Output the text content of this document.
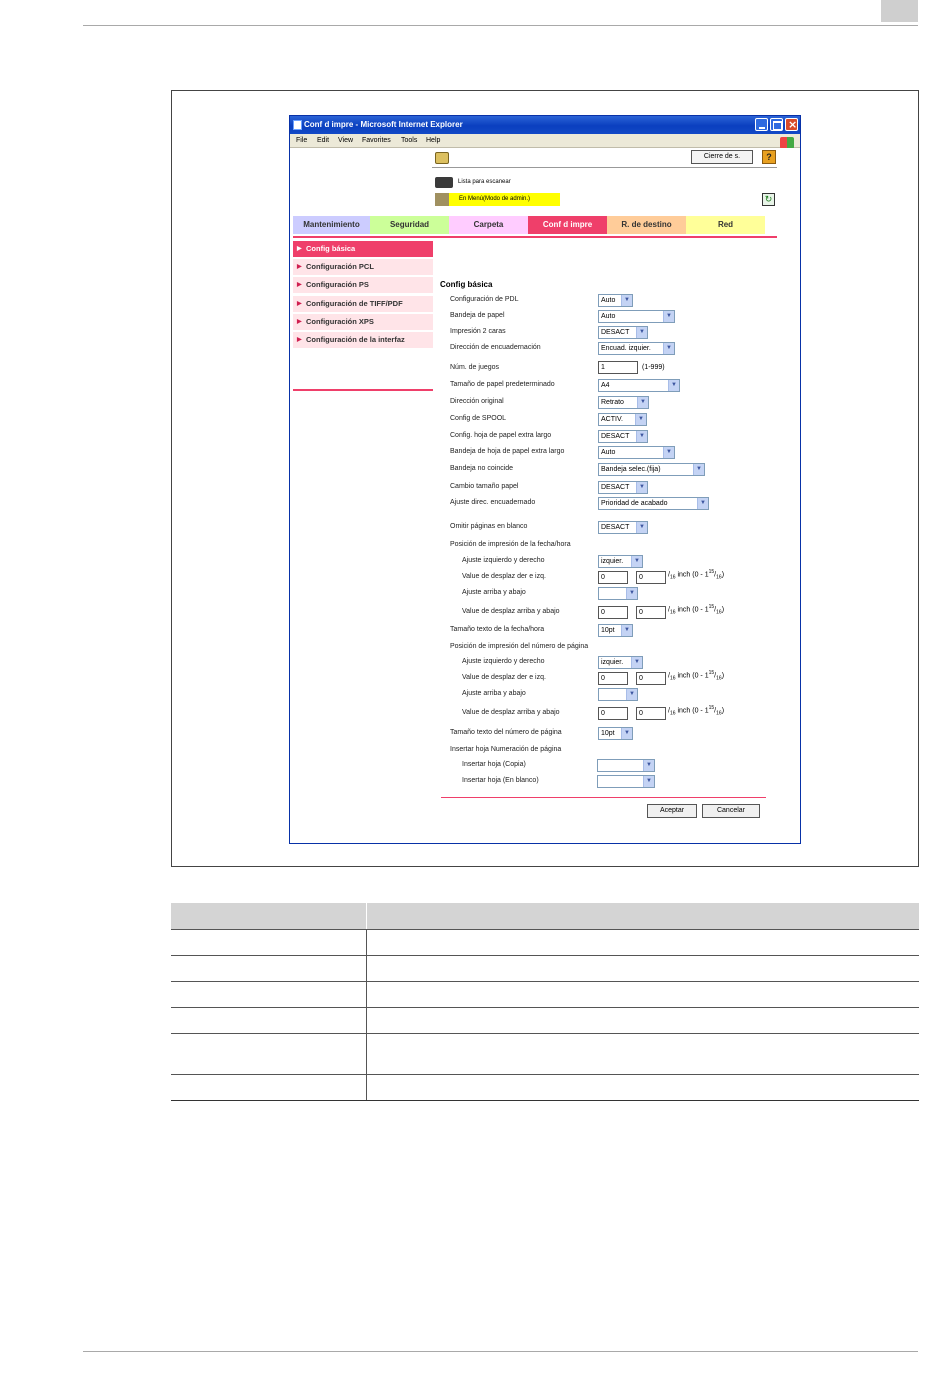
Conf d impre - Microsoft Internet Explorer	×
File Edit View Favorites Tools Help
Cierre de s.	?
Lista para escanear
En Menú(Modo de admin.)	↻
Mantenimiento	Seguridad	Carpeta	Conf d impre	R. de destino	Red
▶ Config básica
▶ Configuración PCL
▶ Configuración PS
▶ Configuración de TIFF/PDF
▶ Configuración XPS
▶ Configuración de la interfaz
Config básica
Configuración de PDL	Auto	▼
Bandeja de papel	Auto	▼
Impresión 2 caras	DESACT	▼
Dirección de encuadernación	Encuad. izquier.	▼
Núm. de juegos	1	(1-999)
Tamaño de papel predeterminado	A4	▼
Dirección original	Retrato	▼
Config de SPOOL	ACTIV.	▼
Config. hoja de papel extra largo	DESACT	▼
Bandeja de hoja de papel extra largo	Auto	▼
Bandeja no coincide	Bandeja selec.(fija)	▼
Cambio tamaño papel	DESACT	▼
Ajuste direc. encuadernado	Prioridad de acabado	▼
Omitir páginas en blanco	DESACT	▼
Posición de impresión de la fecha/hora
Ajuste izquierdo y derecho	izquier.	▼
Value de desplaz der e izq.	0	0	$/_{16}$ inch $(0 - 1^{15}/_{16})$
Ajuste arriba y abajo	▼
Value de desplaz arriba y abajo	0	0	$/_{16}$ inch $(0 - 1^{15}/_{16})$
Tamaño texto de la fecha/hora	10pt	▼
Posición de impresión del número de página
Ajuste izquierdo y derecho	izquier.	▼
Value de desplaz der e izq.	0	0	$/_{16}$ inch $(0 - 1^{15}/_{16})$
Ajuste arriba y abajo	▼
Value de desplaz arriba y abajo	0	0	$/_{16}$ inch $(0 - 1^{15}/_{16})$
Tamaño texto del número de página	10pt	▼
Insertar hoja Numeración de página
Insertar hoja (Copia)	▼
Insertar hoja (En blanco)	▼
Aceptar	Cancelar
